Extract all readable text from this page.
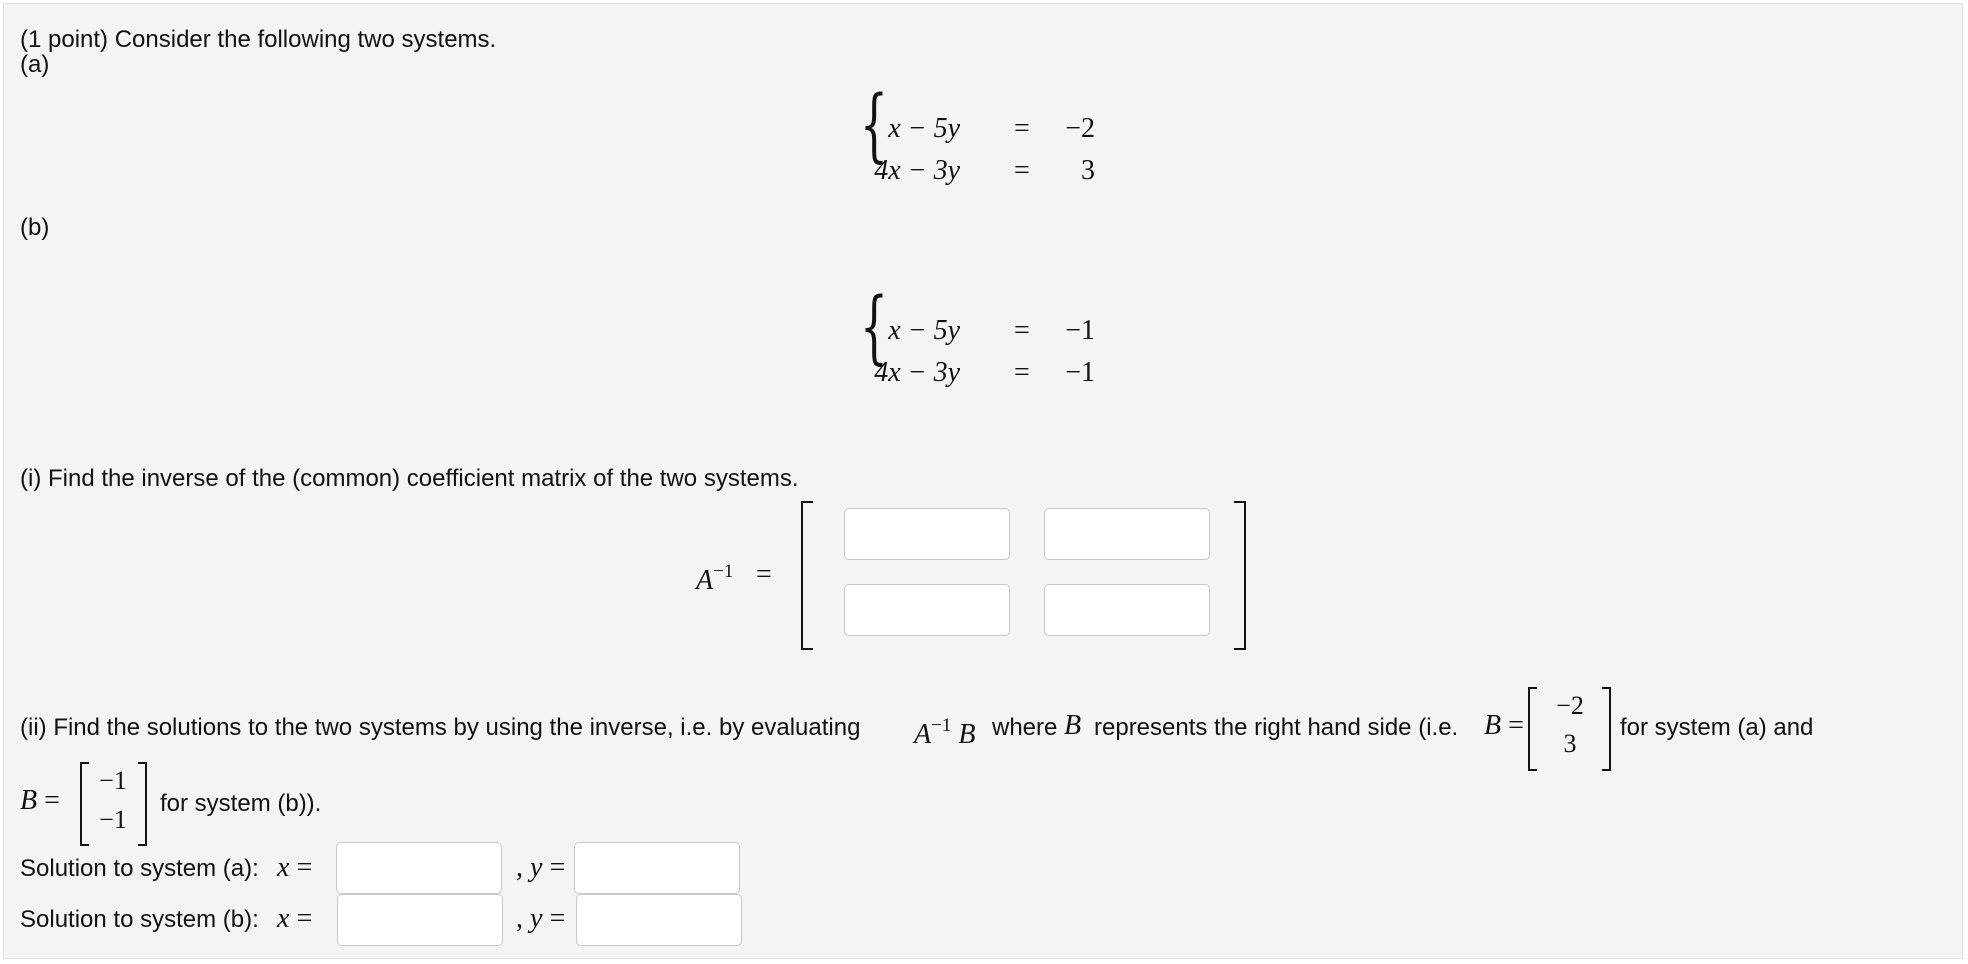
(1 point) Consider the following two systems.
(a)
{ x − 5y = −2
4x − 3y = 3
(b)
{ x − 5y = −1
4x − 3y = −1
(i) Find the inverse of the (common) coefficient matrix of the two systems.
$A^{-1}$ =
(ii) Find the solutions to the two systems by using the inverse, i.e. by evaluating $A^{-1}$ B where B represents the right hand side (i.e. B =
−2
3
for system (a) and
B =
−1
−1
for system (b)).
Solution to system (a): x =	, y =
Solution to system (b): x =	, y =
